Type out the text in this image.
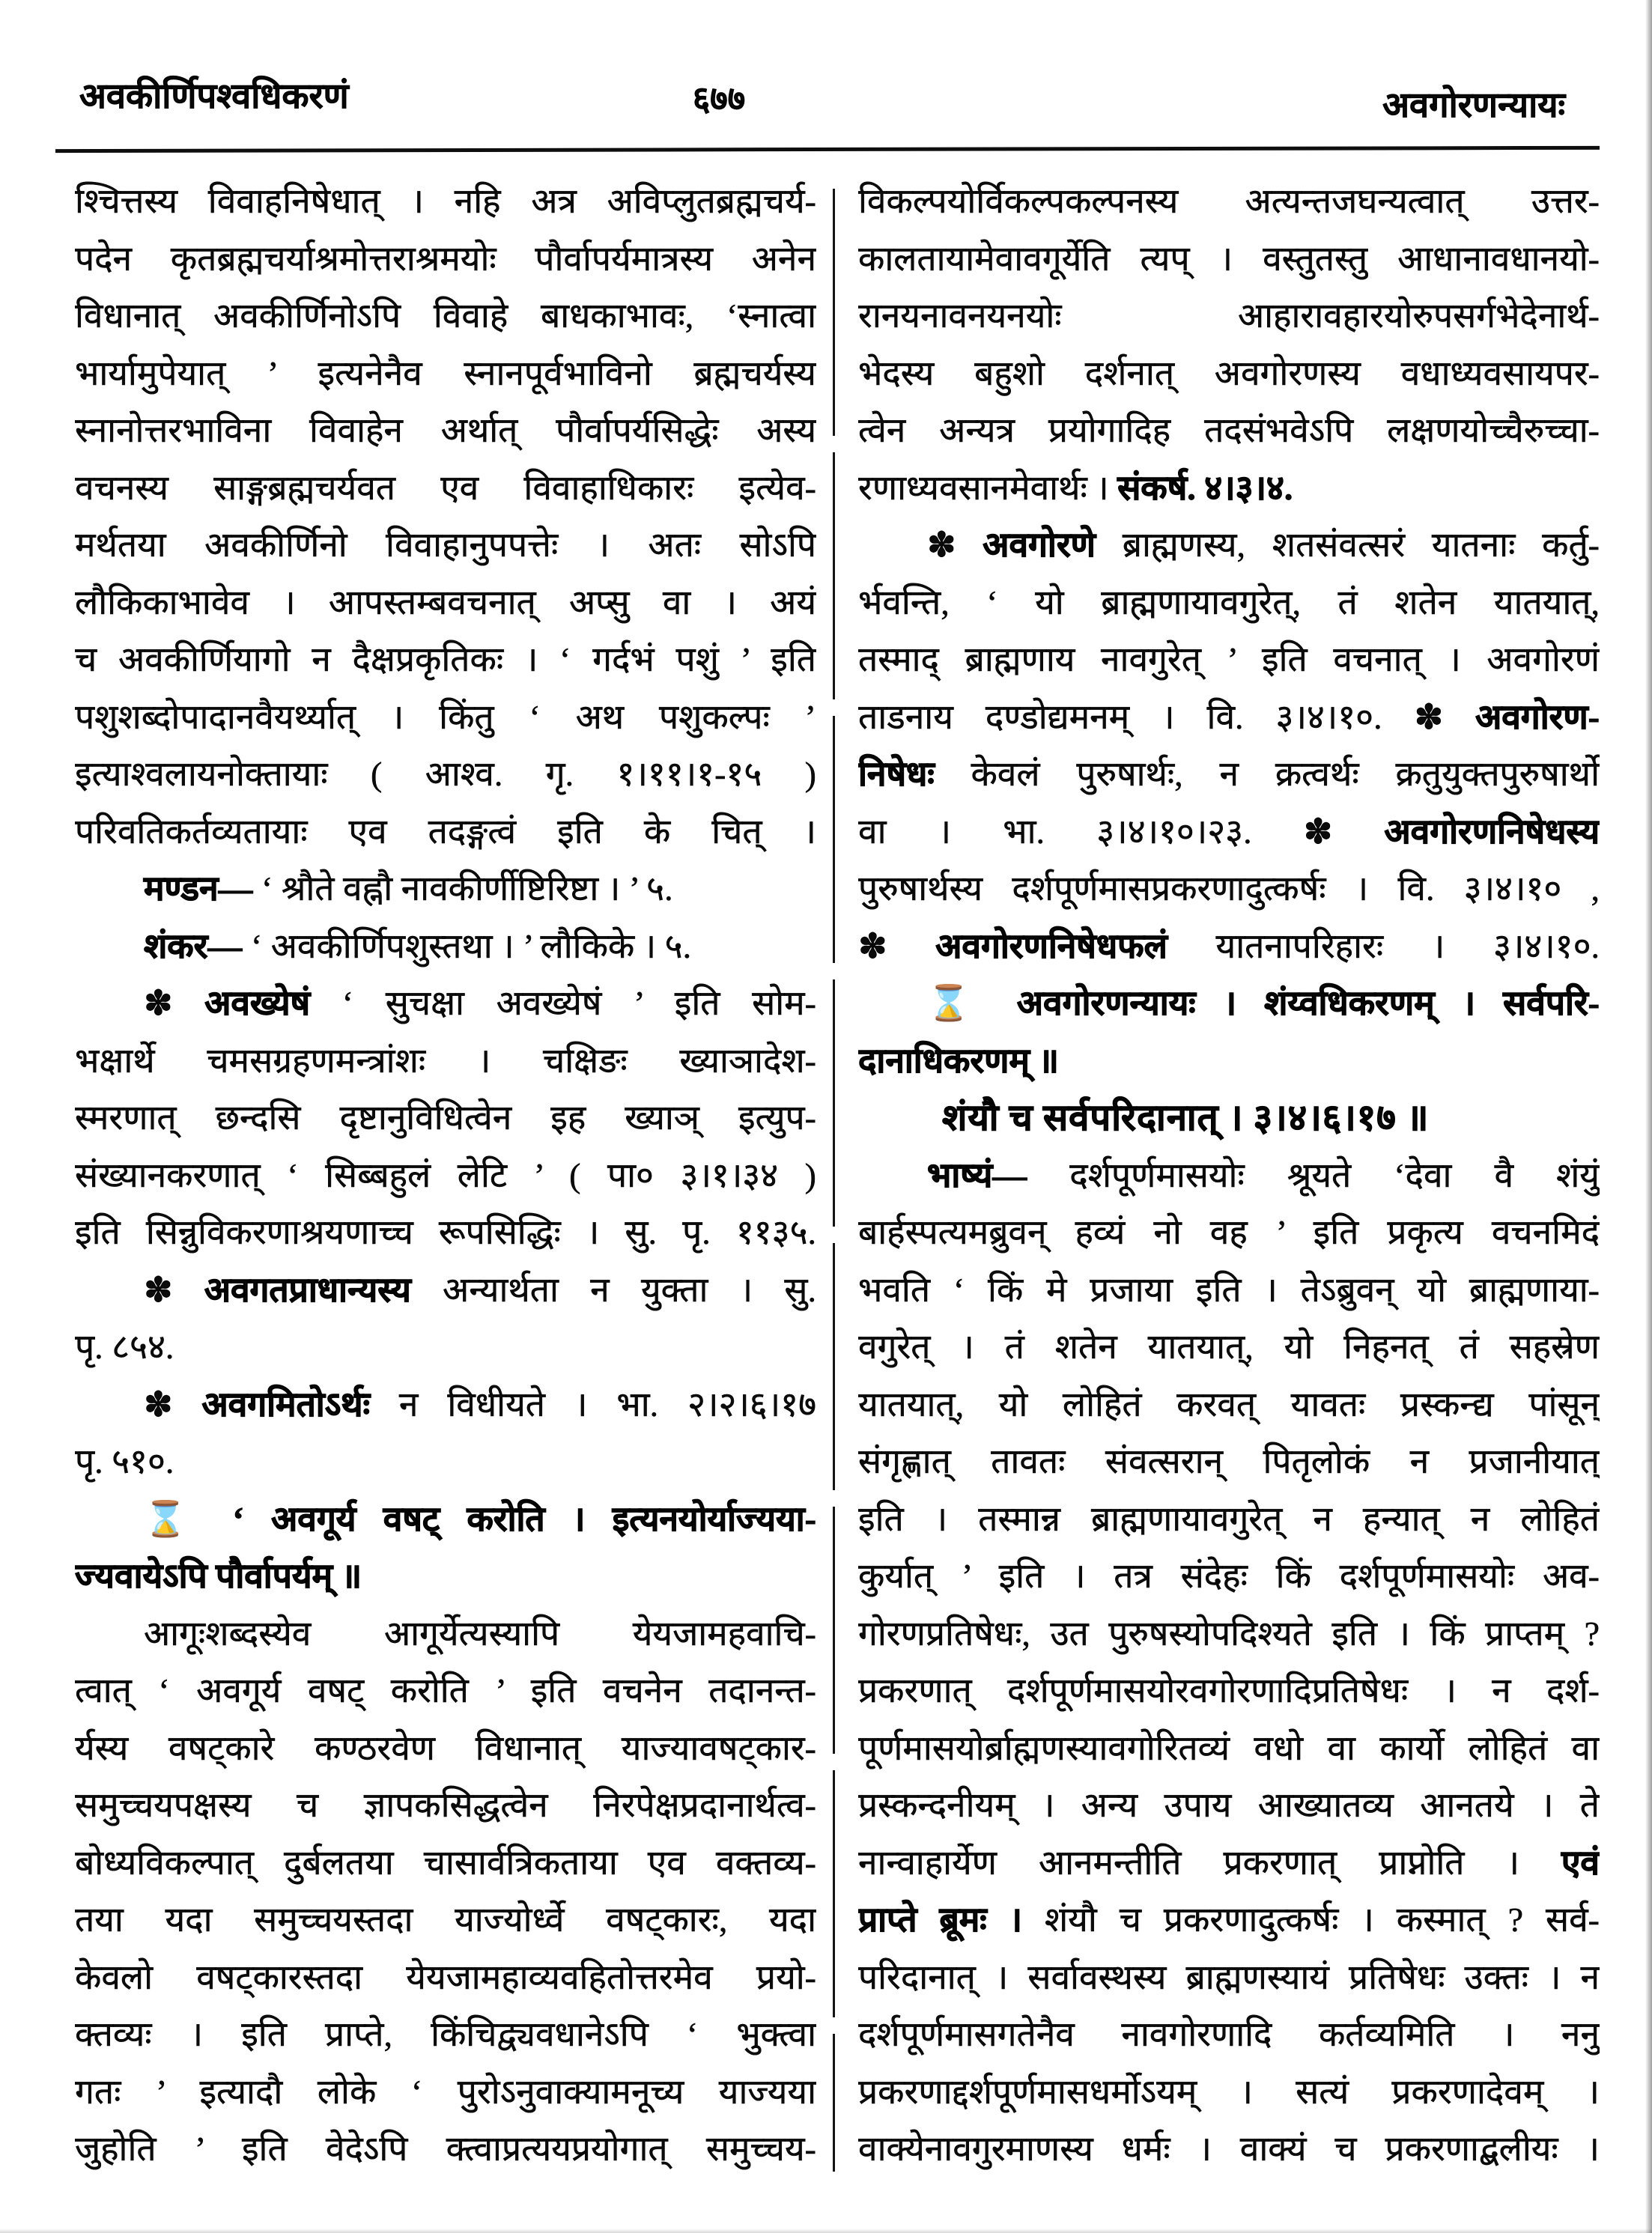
अवकीर्णिपश्वधिकरणं	६७७	अवगोरणन्यायः
श्चित्तस्य विवाहनिषेधात् । नहि अत्र अविप्लुतब्रह्मचर्य-
पदेन कृतब्रह्मचर्याश्रमोत्तराश्रमयोः पौर्वापर्यमात्रस्य अनेन
विधानात् अवकीर्णिनोऽपि विवाहे बाधकाभावः, ‘स्नात्वा
भार्यामुपेयात् ’ इत्यनेनैव स्नानपूर्वभाविनो ब्रह्मचर्यस्य
स्नानोत्तरभाविना विवाहेन अर्थात् पौर्वापर्यसिद्धेः अस्य
वचनस्य साङ्गब्रह्मचर्यवत एव विवाहाधिकारः इत्येव-
मर्थतया अवकीर्णिनो विवाहानुपपत्तेः । अतः सोऽपि
लौकिकाभावेव । आपस्तम्बवचनात् अप्सु वा । अयं
च अवकीर्णियागो न दैक्षप्रकृतिकः । ‘ गर्दभं पशुं ’ इति
पशुशब्दोपादानवैयर्थ्यात् । किंतु ‘ अथ पशुकल्पः ’
इत्याश्वलायनोक्तायाः ( आश्व. गृ. १।११।१-१५ )
परिवतिकर्तव्यतायाः एव तदङ्गत्वं इति के चित् ।
मण्डन— ‘ श्रौते वह्नौ नावकीर्णीष्टिरिष्टा । ’ ५.
शंकर— ‘ अवकीर्णिपशुस्तथा । ’ लौकिके । ५.
✽ अवख्येषं ‘ सुचक्षा अवख्येषं ’ इति सोम-
भक्षार्थे चमसग्रहणमन्त्रांशः । चक्षिङः ख्याञादेश-
स्मरणात् छन्दसि दृष्टानुविधित्वेन इह ख्याञ् इत्युप-
संख्यानकरणात् ‘ सिब्बहुलं लेटि ’ ( पा० ३।१।३४ )
इति सिन्नुविकरणाश्रयणाच्च रूपसिद्धिः । सु. पृ. ११३५.
✽ अवगतप्राधान्यस्य अन्यार्थता न युक्ता । सु.
पृ. ८५४.
✽ अवगमितोऽर्थः न विधीयते । भा. २।२।६।१७
पृ. ५१०.
⌛ ‘ अवगूर्य वषट् करोति । इत्यनयोर्याज्यया-
ज्यवायेऽपि पौर्वापर्यम् ॥
आगूःशब्दस्येव आगूर्येत्यस्यापि येयजामहवाचि-
त्वात् ‘ अवगूर्य वषट् करोति ’ इति वचनेन तदानन्त-
र्यस्य वषट्कारे कण्ठरवेण विधानात् याज्यावषट्कार-
समुच्चयपक्षस्य च ज्ञापकसिद्धत्वेन निरपेक्षप्रदानार्थत्व-
बोध्यविकल्पात् दुर्बलतया चासार्वत्रिकताया एव वक्तव्य-
तया यदा समुच्चयस्तदा याज्योर्ध्वे वषट्कारः, यदा
केवलो वषट्कारस्तदा येयजामहाव्यवहितोत्तरमेव प्रयो-
क्तव्यः । इति प्राप्ते, किंचिद्व्यवधानेऽपि ‘ भुक्त्वा
गतः ’ इत्यादौ लोके ‘ पुरोऽनुवाक्यामनूच्य याज्यया
जुहोति ’ इति वेदेऽपि क्त्वाप्रत्ययप्रयोगात् समुच्चय-
विकल्पयोर्विकल्पकल्पनस्य अत्यन्तजघन्यत्वात् उत्तर-
कालतायामेवावगूर्येति त्यप् । वस्तुतस्तु आधानावधानयो-
रानयनावनयनयोः आहारावहारयोरुपसर्गभेदेनार्थ-
भेदस्य बहुशो दर्शनात् अवगोरणस्य वधाध्यवसायपर-
त्वेन अन्यत्र प्रयोगादिह तदसंभवेऽपि लक्षणयोच्चैरुच्चा-
रणाध्यवसानमेवार्थः । संकर्ष. ४।३।४.
✽ अवगोरणे ब्राह्मणस्य, शतसंवत्सरं यातनाः कर्तु-
र्भवन्ति, ‘ यो ब्राह्मणायावगुरेत्, तं शतेन यातयात्,
तस्माद् ब्राह्मणाय नावगुरेत् ’ इति वचनात् । अवगोरणं
ताडनाय दण्डोद्यमनम् । वि. ३।४।१०. ✽ अवगोरण-
निषेधः केवलं पुरुषार्थः, न क्रत्वर्थः क्रतुयुक्तपुरुषार्थो
वा । भा. ३।४।१०।२३. ✽ अवगोरणनिषेधस्य
पुरुषार्थस्य दर्शपूर्णमासप्रकरणादुत्कर्षः । वि. ३।४।१० ,
✽ अवगोरणनिषेधफलं यातनापरिहारः । ३।४।१०.
⌛ अवगोरणन्यायः । शंय्वधिकरणम् । सर्वपरि-
दानाधिकरणम् ॥
शंयौ च सर्वपरिदानात् । ३।४।६।१७ ॥
भाष्यं— दर्शपूर्णमासयोः श्रूयते ‘देवा वै शंयुं
बार्हस्पत्यमब्रुवन् हव्यं नो वह ’ इति प्रकृत्य वचनमिदं
भवति ‘ किं मे प्रजाया इति । तेऽब्रुवन् यो ब्राह्मणाया-
वगुरेत् । तं शतेन यातयात्, यो निहनत् तं सहस्रेण
यातयात्, यो लोहितं करवत् यावतः प्रस्कन्द्य पांसून्
संगृह्णात् तावतः संवत्सरान् पितृलोकं न प्रजानीयात्
इति । तस्मान्न ब्राह्मणायावगुरेत् न हन्यात् न लोहितं
कुर्यात् ’ इति । तत्र संदेहः किं दर्शपूर्णमासयोः अव-
गोरणप्रतिषेधः, उत पुरुषस्योपदिश्यते इति । किं प्राप्तम् ?
प्रकरणात् दर्शपूर्णमासयोरवगोरणादिप्रतिषेधः । न दर्श-
पूर्णमासयोर्ब्राह्मणस्यावगोरितव्यं वधो वा कार्यो लोहितं वा
प्रस्कन्दनीयम् । अन्य उपाय आख्यातव्य आनतये । ते
नान्वाहार्येण आनमन्तीति प्रकरणात् प्राप्नोति । एवं
प्राप्ते ब्रूमः । शंयौ च प्रकरणादुत्कर्षः । कस्मात् ? सर्व-
परिदानात् । सर्वावस्थस्य ब्राह्मणस्यायं प्रतिषेधः उक्तः । न
दर्शपूर्णमासगतेनैव नावगोरणादि कर्तव्यमिति । ननु
प्रकरणाद्दर्शपूर्णमासधर्मोऽयम् । सत्यं प्रकरणादेवम् ।
वाक्येनावगुरमाणस्य धर्मः । वाक्यं च प्रकरणाद्बलीयः ।
